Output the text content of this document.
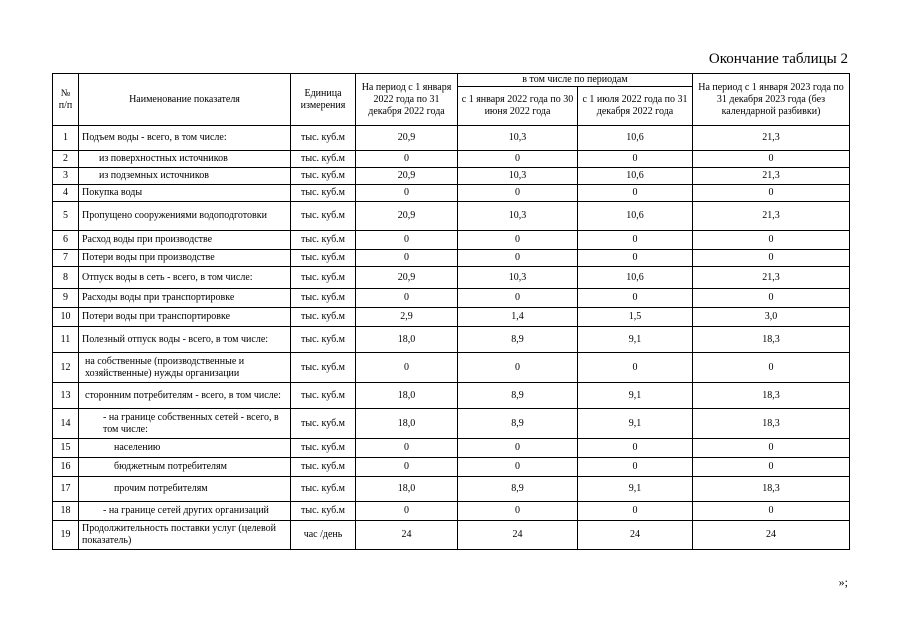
Окончание таблицы 2
№ п/п	Наименование показателя	Единица измерения	На период с 1 января 2022 года по 31 декабря 2022 года	в том числе по периодам		На период с 1 января 2023 года по 31 декабря 2023 года (без календарной разбивки)
				с 1 января 2022 года по 30 июня 2022 года	с 1 июля 2022 года по 31 декабря 2022 года	
1	Подъем воды - всего, в том числе:	тыс. куб.м	20,9	10,3	10,6	21,3
2	из поверхностных источников	тыс. куб.м	0	0	0	0
3	из подземных источников	тыс. куб.м	20,9	10,3	10,6	21,3
4	Покупка воды	тыс. куб.м	0	0	0	0
5	Пропущено сооружениями водоподготовки	тыс. куб.м	20,9	10,3	10,6	21,3
6	Расход воды при производстве	тыс. куб.м	0	0	0	0
7	Потери воды при производстве	тыс. куб.м	0	0	0	0
8	Отпуск воды в сеть - всего, в том числе:	тыс. куб.м	20,9	10,3	10,6	21,3
9	Расходы воды при транспортировке	тыс. куб.м	0	0	0	0
10	Потери воды при транспортировке	тыс. куб.м	2,9	1,4	1,5	3,0
11	Полезный отпуск воды - всего, в том числе:	тыс. куб.м	18,0	8,9	9,1	18,3
12	на собственные (производственные и хозяйственные) нужды организации	тыс. куб.м	0	0	0	0
13	сторонним потребителям - всего, в том числе:	тыс. куб.м	18,0	8,9	9,1	18,3
14	- на границе собственных сетей - всего, в том числе:	тыс. куб.м	18,0	8,9	9,1	18,3
15	населению	тыс. куб.м	0	0	0	0
16	бюджетным потребителям	тыс. куб.м	0	0	0	0
17	прочим потребителям	тыс. куб.м	18,0	8,9	9,1	18,3
18	- на границе сетей других организаций	тыс. куб.м	0	0	0	0
19	Продолжительность поставки услуг (целевой показатель)	час /день	24	24	24	24
»;
